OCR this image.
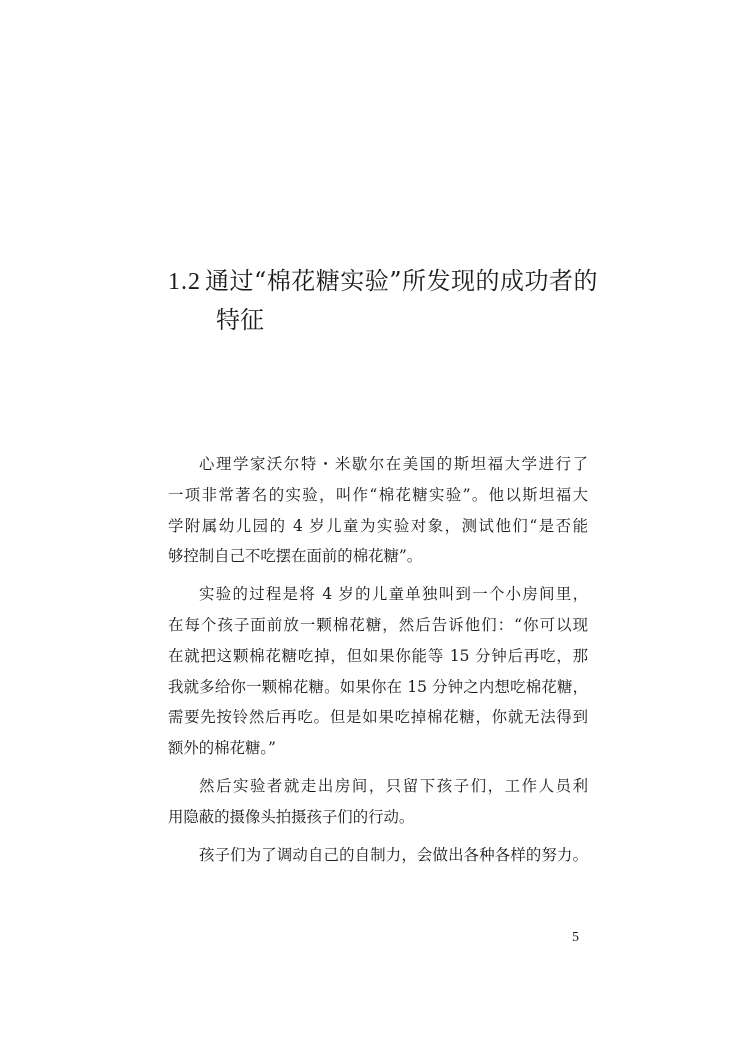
1.2 通过“棉花糖实验”所发现的成功者的
特征
心理学家沃尔特・米歇尔在美国的斯坦福大学进行了
一项非常著名的实验，叫作“棉花糖实验”。他以斯坦福大
学附属幼儿园的 4 岁儿童为实验对象，测试他们“是否能
够控制自己不吃摆在面前的棉花糖”。
实验的过程是将 4 岁的儿童单独叫到一个小房间里，
在每个孩子面前放一颗棉花糖，然后告诉他们：“你可以现
在就把这颗棉花糖吃掉，但如果你能等 15 分钟后再吃，那
我就多给你一颗棉花糖。如果你在 15 分钟之内想吃棉花糖，
需要先按铃然后再吃。但是如果吃掉棉花糖，你就无法得到
额外的棉花糖。”
然后实验者就走出房间，只留下孩子们，工作人员利
用隐蔽的摄像头拍摄孩子们的行动。
孩子们为了调动自己的自制力，会做出各种各样的努力。
5
